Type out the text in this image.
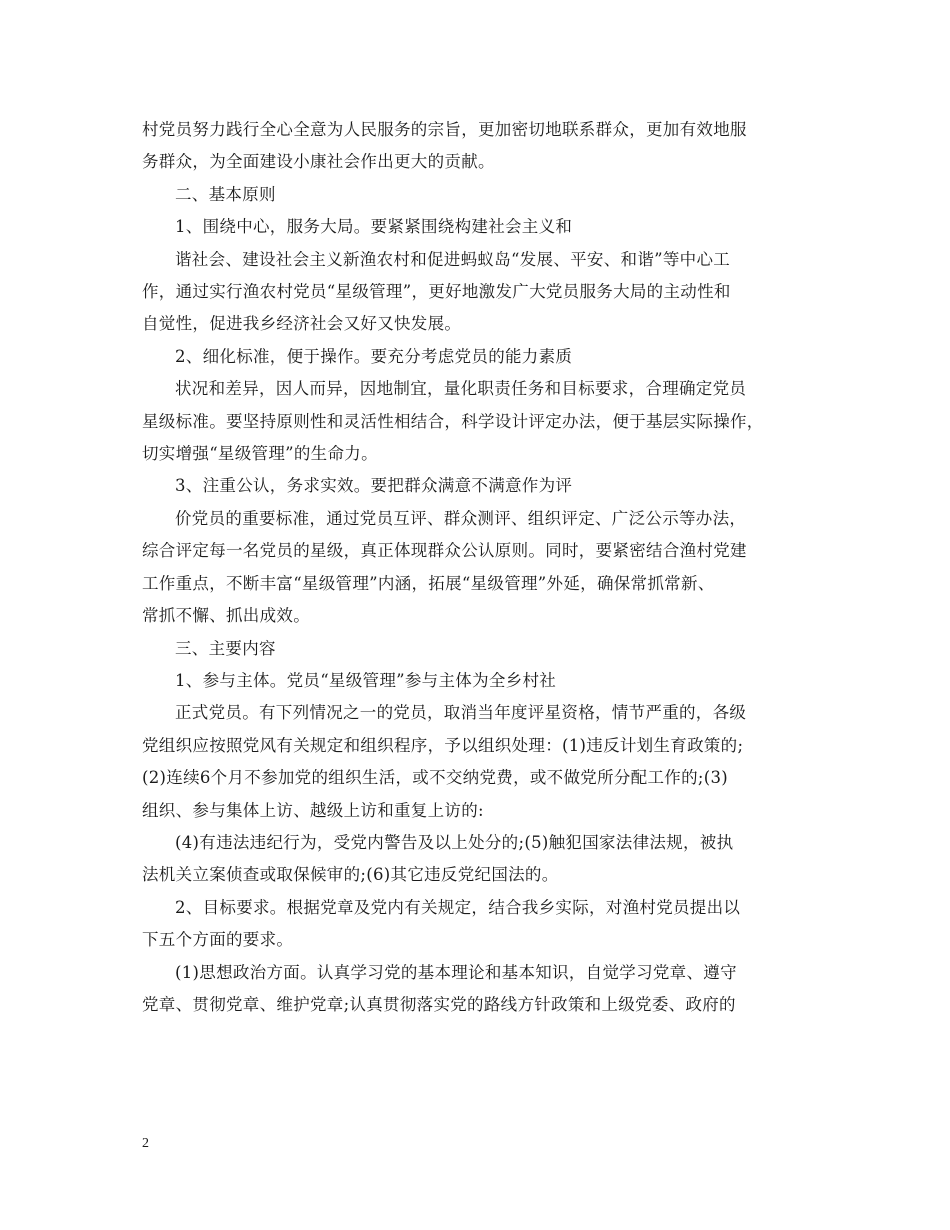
村党员努力践行全心全意为人民服务的宗旨，更加密切地联系群众，更加有效地服

务群众，为全面建设小康社会作出更大的贡献。

二、基本原则

1、围绕中心，服务大局。要紧紧围绕构建社会主义和

谐社会、建设社会主义新渔农村和促进蚂蚁岛“发展、平安、和谐”等中心工

作，通过实行渔农村党员“星级管理”，更好地激发广大党员服务大局的主动性和

自觉性，促进我乡经济社会又好又快发展。

2、细化标准，便于操作。要充分考虑党员的能力素质

状况和差异，因人而异，因地制宜，量化职责任务和目标要求，合理确定党员

星级标准。要坚持原则性和灵活性相结合，科学设计评定办法，便于基层实际操作，

切实增强“星级管理”的生命力。

3、注重公认，务求实效。要把群众满意不满意作为评

价党员的重要标准，通过党员互评、群众测评、组织评定、广泛公示等办法，

综合评定每一名党员的星级，真正体现群众公认原则。同时，要紧密结合渔村党建

工作重点，不断丰富“星级管理”内涵，拓展“星级管理”外延，确保常抓常新、

常抓不懈、抓出成效。

三、主要内容

1、参与主体。党员“星级管理”参与主体为全乡村社

正式党员。有下列情况之一的党员，取消当年度评星资格，情节严重的，各级

党组织应按照党风有关规定和组织程序，予以组织处理：(1)违反计划生育政策的;

(2)连续6个月不参加党的组织生活，或不交纳党费，或不做党所分配工作的;(3)

组织、参与集体上访、越级上访和重复上访的:

(4)有违法违纪行为，受党内警告及以上处分的;(5)触犯国家法律法规，被执

法机关立案侦查或取保候审的;(6)其它违反党纪国法的。

2、目标要求。根据党章及党内有关规定，结合我乡实际，对渔村党员提出以

下五个方面的要求。

(1)思想政治方面。认真学习党的基本理论和基本知识，自觉学习党章、遵守

党章、贯彻党章、维护党章;认真贯彻落实党的路线方针政策和上级党委、政府的

2
